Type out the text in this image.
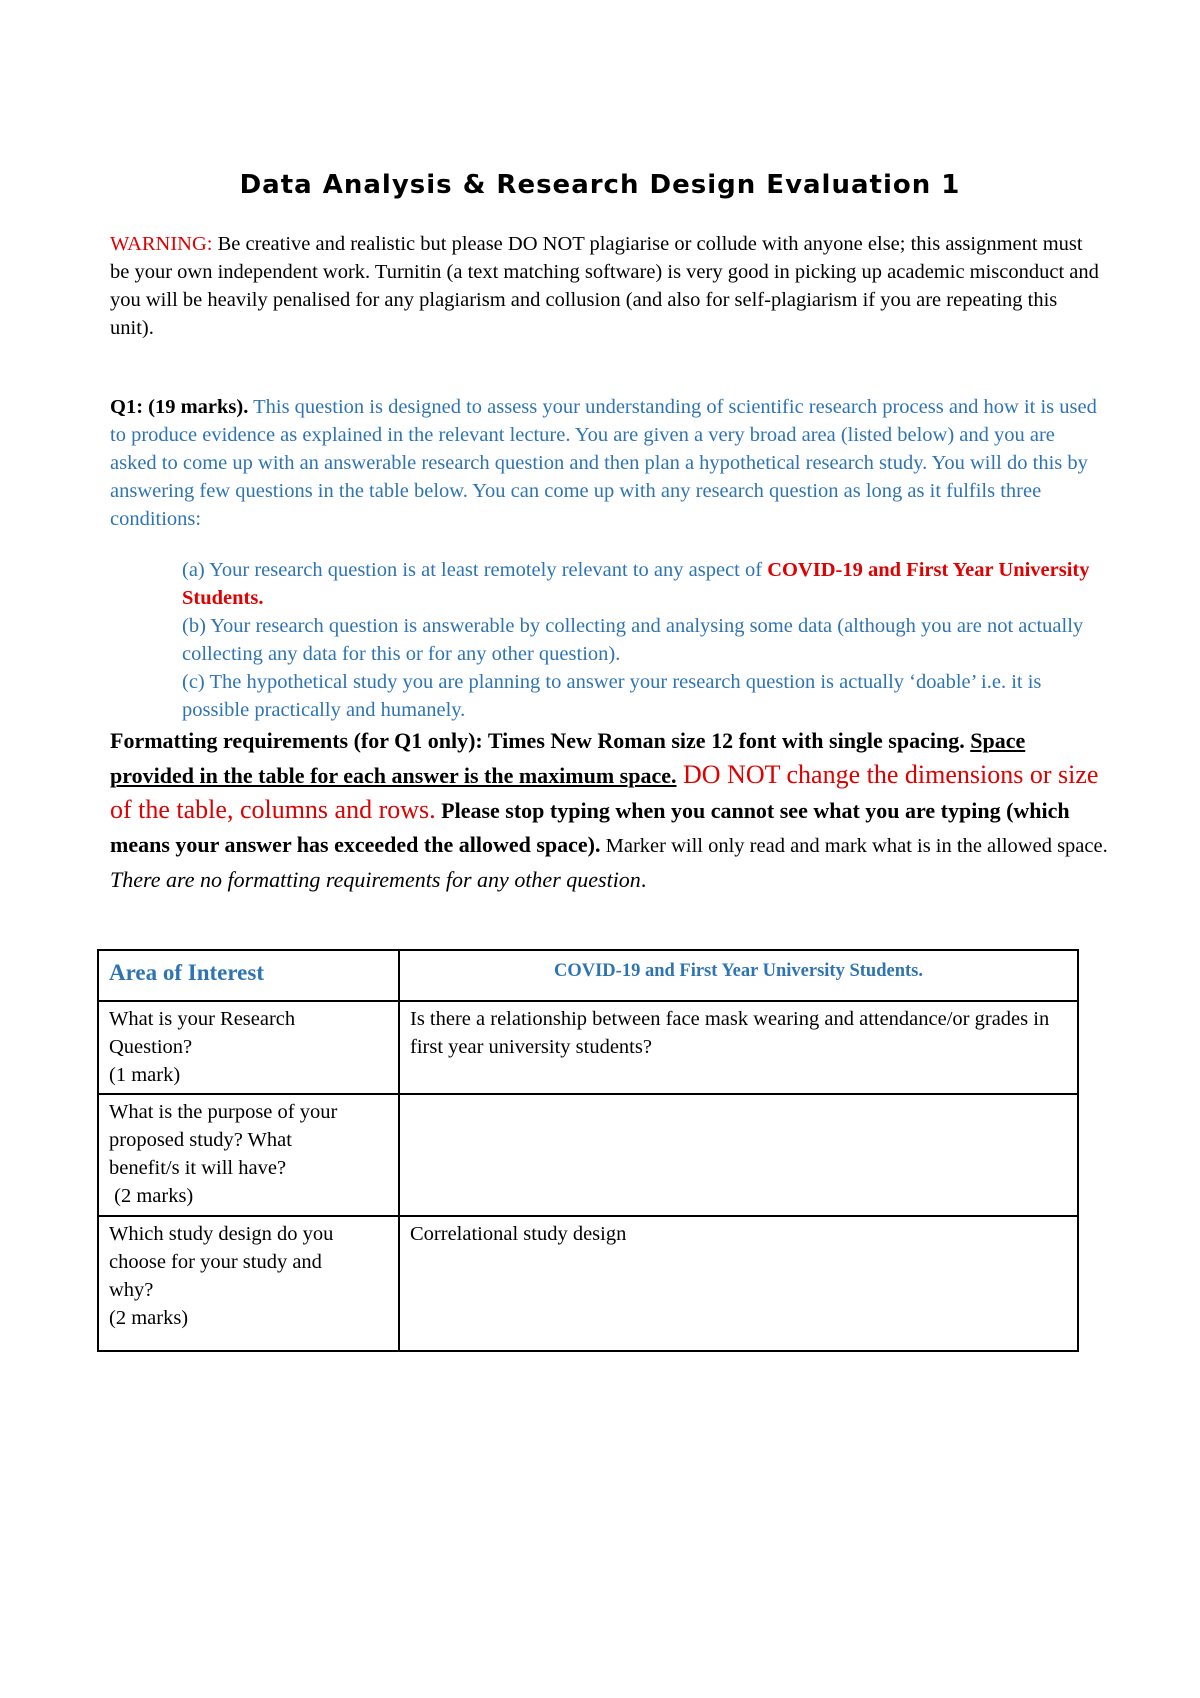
Data Analysis & Research Design Evaluation 1
WARNING: Be creative and realistic but please DO NOT plagiarise or collude with anyone else; this assignment must be your own independent work. Turnitin (a text matching software) is very good in picking up academic misconduct and you will be heavily penalised for any plagiarism and collusion (and also for self-plagiarism if you are repeating this unit).
Q1: (19 marks). This question is designed to assess your understanding of scientific research process and how it is used to produce evidence as explained in the relevant lecture. You are given a very broad area (listed below) and you are asked to come up with an answerable research question and then plan a hypothetical research study. You will do this by answering few questions in the table below. You can come up with any research question as long as it fulfils three conditions:
(a) Your research question is at least remotely relevant to any aspect of COVID-19 and First Year University Students.
(b) Your research question is answerable by collecting and analysing some data (although you are not actually collecting any data for this or for any other question).
(c) The hypothetical study you are planning to answer your research question is actually ‘doable’ i.e. it is possible practically and humanely.
Formatting requirements (for Q1 only): Times New Roman size 12 font with single spacing. Space provided in the table for each answer is the maximum space. DO NOT change the dimensions or size of the table, columns and rows. Please stop typing when you cannot see what you are typing (which means your answer has exceeded the allowed space). Marker will only read and mark what is in the allowed space.
There are no formatting requirements for any other question.
Area of Interest	COVID-19 and First Year University Students.

What is your Research
Question?
(1 mark)	Is there a relationship between face mask wearing and attendance/or grades in first year university students?

What is the purpose of your
proposed study? What
benefit/s it will have?
(2 marks)	

Which study design do you
choose for your study and
why?
(2 marks)	Correlational study design
